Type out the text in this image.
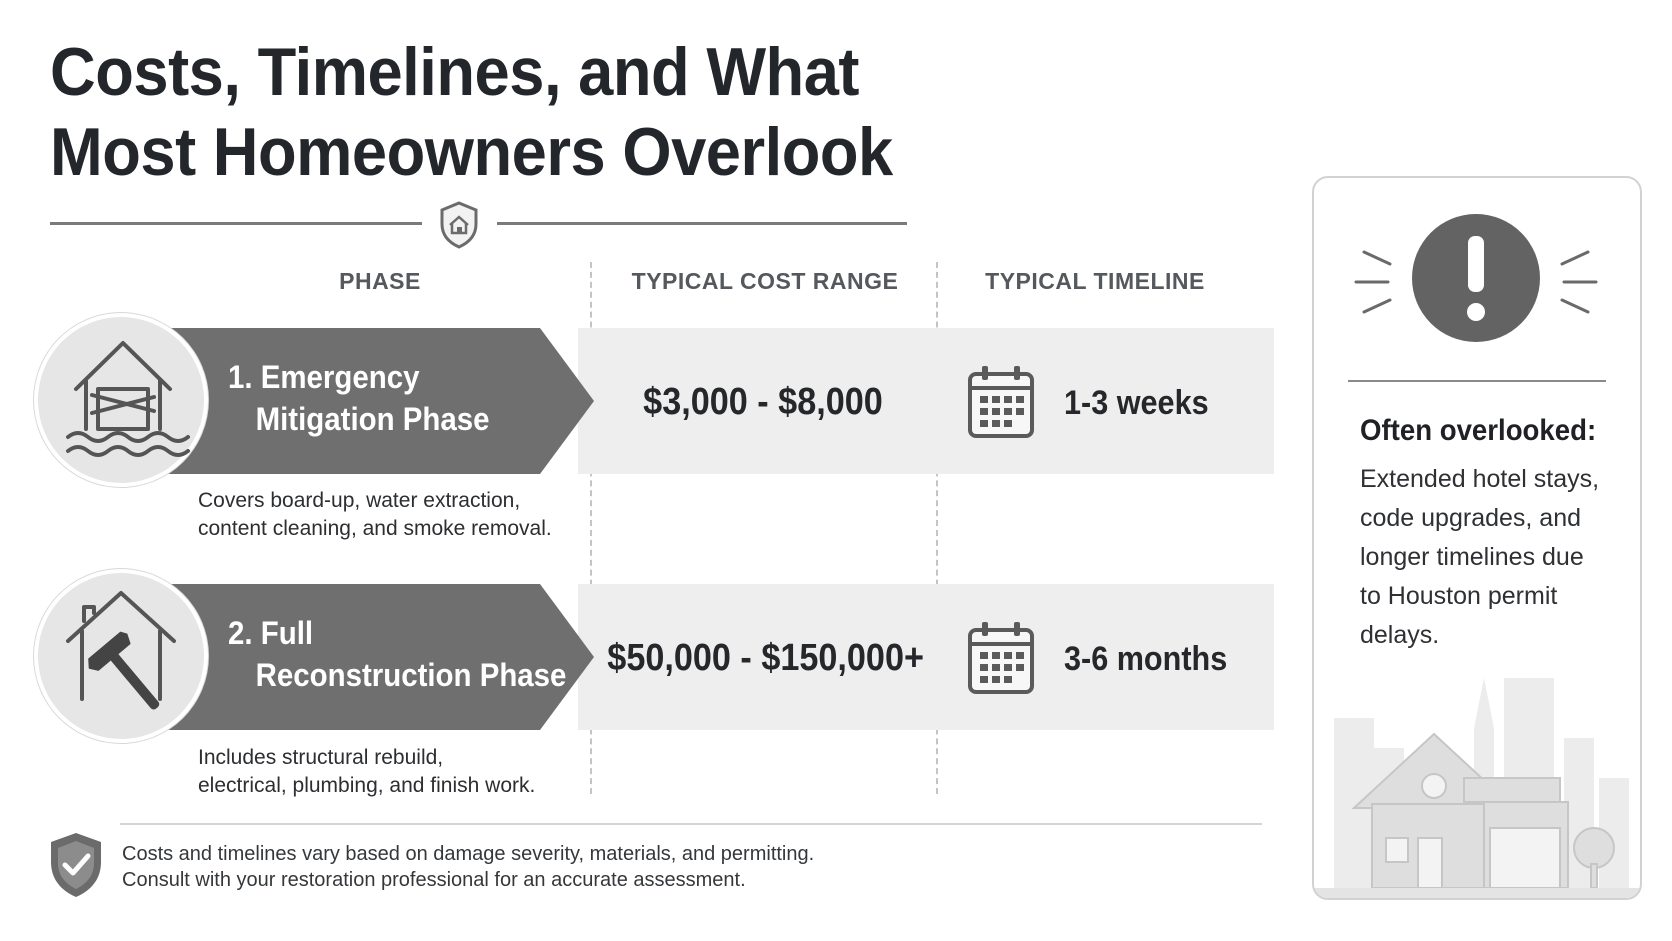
Costs, Timelines, and What
Most Homeowners Overlook
PHASE	TYPICAL COST RANGE	TYPICAL TIMELINE
1. Emergency
Mitigation Phase	$3,000 - $8,000	1-3 weeks
Covers board-up, water extraction,
content cleaning, and smoke removal.
2. Full
Reconstruction Phase $50,000 - $150,000+	3-6 months
Includes structural rebuild,
electrical, plumbing, and finish work.
Costs and timelines vary based on damage severity, materials, and permitting.
Consult with your restoration professional for an accurate assessment.
Often overlooked:
Extended hotel stays,
code upgrades, and
longer timelines due
to Houston permit
delays.
